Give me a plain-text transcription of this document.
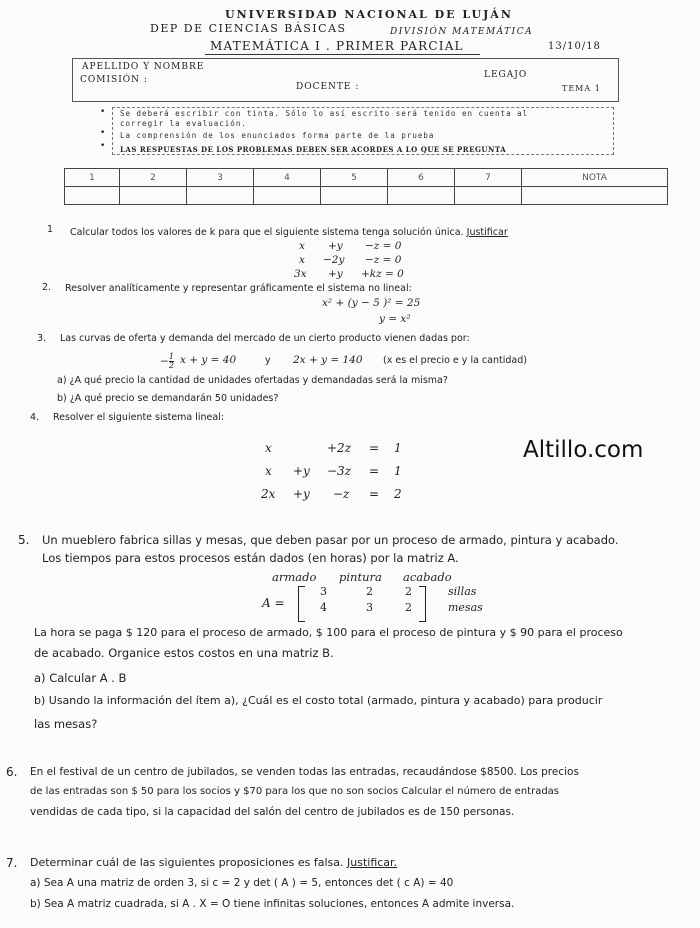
UNIVERSIDAD NACIONAL DE LUJÁN
DEP DE CIENCIAS BÁSICAS	DIVISIÓN MATEMÁTICA
MATEMÁTICA I . PRIMER PARCIAL	13/10/18
APELLIDO Y NOMBRE
COMISIÓN :	LEGAJO
DOCENTE :	TEMA 1
• Se deberá escribir con tinta. Sólo lo así escrito será tenido en cuenta al
corregir la evaluación.
• La comprensión de los enunciados forma parte de la prueba
• LAS RESPUESTAS DE LOS PROBLEMAS DEBEN SER ACORDES A LO QUE SE PREGUNTA
1	2	3	4	5	6	7	NOTA

1 Calcular todos los valores de k para que el siguiente sistema tenga solución única. Justificar
x +y −z = 0
x −2y −z = 0
3x +y +kz = 0
2. Resolver analíticamente y representar gráficamente el sistema no lineal:
x² + (y − 5 )² = 25
y = x²
3. Las curvas de oferta y demanda del mercado de un cierto producto vienen dadas por:
− $\frac{1}{2}$ x + y = 40	y 2x + y = 140 (x es el precio e y la cantidad)
a) ¿A qué precio la cantidad de unidades ofertadas y demandadas será la misma?
b) ¿A qué precio se demandarán 50 unidades?
4. Resolver el siguiente sistema lineal:
x	+2z = 1
x +y −3z = 1
2x +y −z = 2
Altillo.com
5. Un mueblero fabrica sillas y mesas, que deben pasar por un proceso de armado, pintura y acabado.
Los tiempos para estos procesos están dados (en horas) por la matriz A.
armado pintura acabado
A =
3	2	2
4	3	2
sillas
mesas
La hora se paga $ 120 para el proceso de armado, $ 100 para el proceso de pintura y $ 90 para el proceso
de acabado. Organice estos costos en una matriz B.
a) Calcular A . B
b) Usando la información del ítem a), ¿Cuál es el costo total (armado, pintura y acabado) para producir
las mesas?
6. En el festival de un centro de jubilados, se venden todas las entradas, recaudándose $8500. Los precios
de las entradas son $ 50 para los socios y $70 para los que no son socios Calcular el número de entradas
vendidas de cada tipo, si la capacidad del salón del centro de jubilados es de 150 personas.
7. Determinar cuál de las siguientes proposiciones es falsa. Justificar.
a) Sea A una matriz de orden 3, si c = 2 y det ( A ) = 5, entonces det ( c A) = 40
b) Sea A matriz cuadrada, si A . X = O tiene infinitas soluciones, entonces A admite inversa.
